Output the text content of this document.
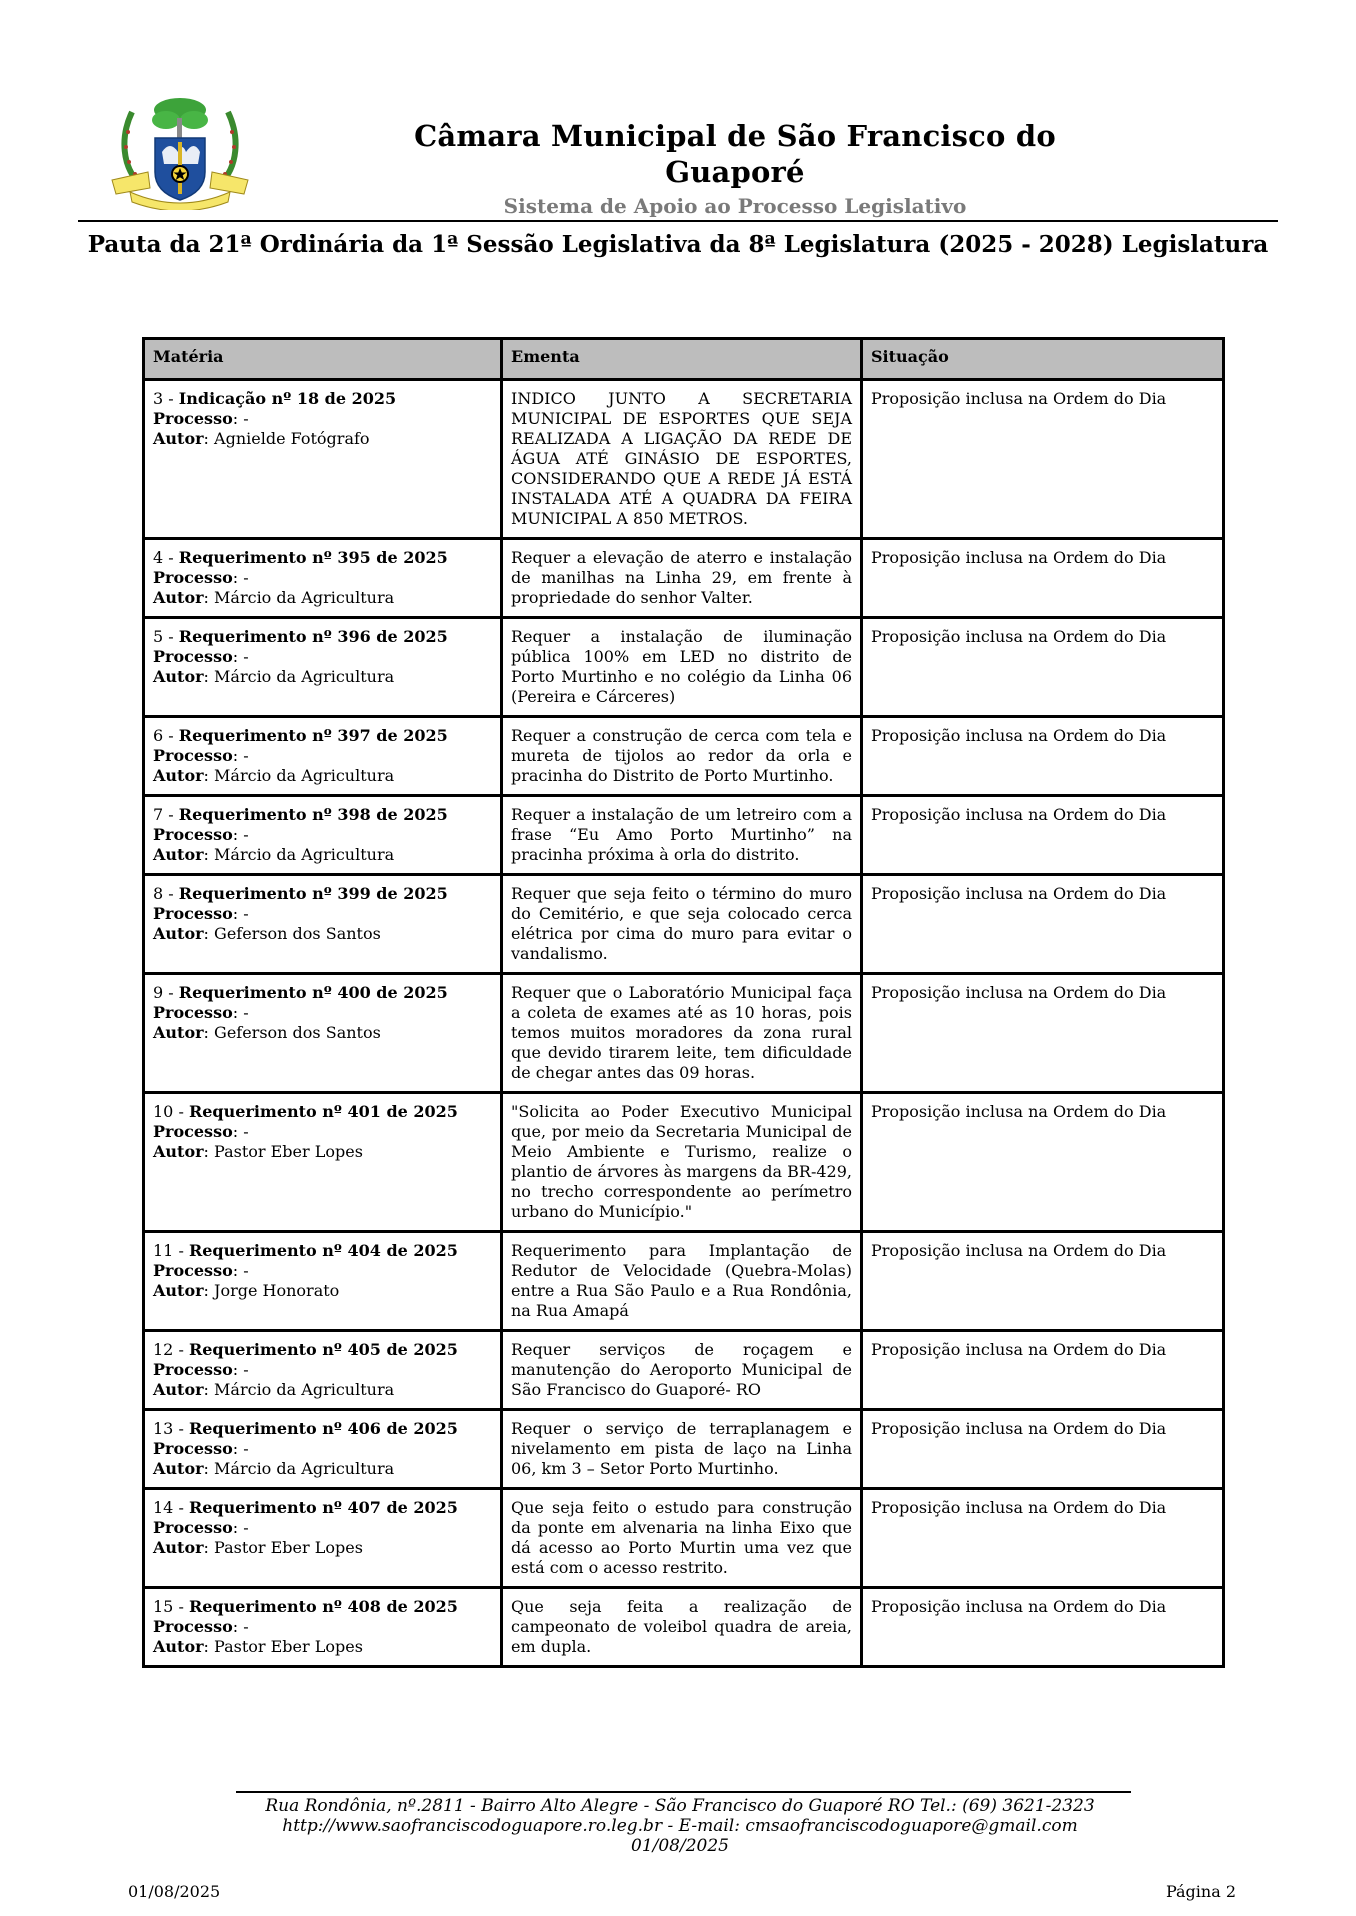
Câmara Municipal de São Francisco do Guaporé
Sistema de Apoio ao Processo Legislativo
Pauta da 21ª Ordinária da 1ª Sessão Legislativa da 8ª Legislatura (2025 - 2028) Legislatura
Matéria	Ementa	Situação

3 - Indicação nº 18 de 2025
Processo: -
Autor: Agnielde Fotógrafo
	INDICO JUNTO A SECRETARIA MUNICIPAL DE ESPORTES QUE SEJA REALIZADA A LIGAÇÃO DA REDE DE ÁGUA ATÉ GINÁSIO DE ESPORTES, CONSIDERANDO QUE A REDE JÁ ESTÁ INSTALADA ATÉ A QUADRA DA FEIRA MUNICIPAL A 850 METROS.	Proposição inclusa na Ordem do Dia

4 - Requerimento nº 395 de 2025
Processo: -
Autor: Márcio da Agricultura	Requer a elevação de aterro e instalação de manilhas na Linha 29, em frente à propriedade do senhor Valter.	Proposição inclusa na Ordem do Dia

5 - Requerimento nº 396 de 2025
Processo: -
Autor: Márcio da Agricultura	Requer a instalação de iluminação pública 100% em LED no distrito de Porto Murtinho e no colégio da Linha 06 (Pereira e Cárceres)	Proposição inclusa na Ordem do Dia

6 - Requerimento nº 397 de 2025
Processo: -
Autor: Márcio da Agricultura	Requer a construção de cerca com tela e mureta de tijolos ao redor da orla e pracinha do Distrito de Porto Murtinho.	Proposição inclusa na Ordem do Dia

7 - Requerimento nº 398 de 2025
Processo: -
Autor: Márcio da Agricultura	Requer a instalação de um letreiro com a frase “Eu Amo Porto Murtinho” na pracinha próxima à orla do distrito.	Proposição inclusa na Ordem do Dia

8 - Requerimento nº 399 de 2025
Processo: -
Autor: Geferson dos Santos	Requer que seja feito o término do muro do Cemitério, e que seja colocado cerca elétrica por cima do muro para evitar o vandalismo.	Proposição inclusa na Ordem do Dia

9 - Requerimento nº 400 de 2025
Processo: -
Autor: Geferson dos Santos	Requer que o Laboratório Municipal faça a coleta de exames até as 10 horas, pois temos muitos moradores da zona rural que devido tirarem leite, tem dificuldade de chegar antes das 09 horas.	Proposição inclusa na Ordem do Dia

10 - Requerimento nº 401 de 2025
Processo: -
Autor: Pastor Eber Lopes
	"Solicita ao Poder Executivo Municipal que, por meio da Secretaria Municipal de Meio Ambiente e Turismo, realize o plantio de árvores às margens da BR-429, no trecho correspondente ao perímetro urbano do Município."	Proposição inclusa na Ordem do Dia

11 - Requerimento nº 404 de 2025
Processo: -
Autor: Jorge Honorato	Requerimento para Implantação de Redutor de Velocidade (Quebra-Molas) entre a Rua São Paulo e a Rua Rondônia, na Rua Amapá	Proposição inclusa na Ordem do Dia

12 - Requerimento nº 405 de 2025
Processo: -
Autor: Márcio da Agricultura	Requer serviços de roçagem e manutenção do Aeroporto Municipal de São Francisco do Guaporé- RO	Proposição inclusa na Ordem do Dia

13 - Requerimento nº 406 de 2025
Processo: -
Autor: Márcio da Agricultura	Requer o serviço de terraplanagem e nivelamento em pista de laço na Linha 06, km 3 – Setor Porto Murtinho.	Proposição inclusa na Ordem do Dia

14 - Requerimento nº 407 de 2025
Processo: -
Autor: Pastor Eber Lopes	Que seja feito o estudo para construção da ponte em alvenaria na linha Eixo que dá acesso ao Porto Murtin uma vez que está com o acesso restrito.	Proposição inclusa na Ordem do Dia

15 - Requerimento nº 408 de 2025
Processo: -
Autor: Pastor Eber Lopes	Que seja feita a realização de campeonato de voleibol quadra de areia, em dupla.	Proposição inclusa na Ordem do Dia
Rua Rondônia, nº.2811 - Bairro Alto Alegre - São Francisco do Guaporé RO Tel.: (69) 3621-2323
http://www.saofranciscodoguapore.ro.leg.br - E-mail: cmsaofranciscodoguapore@gmail.com
01/08/2025
01/08/2025	Página 2
